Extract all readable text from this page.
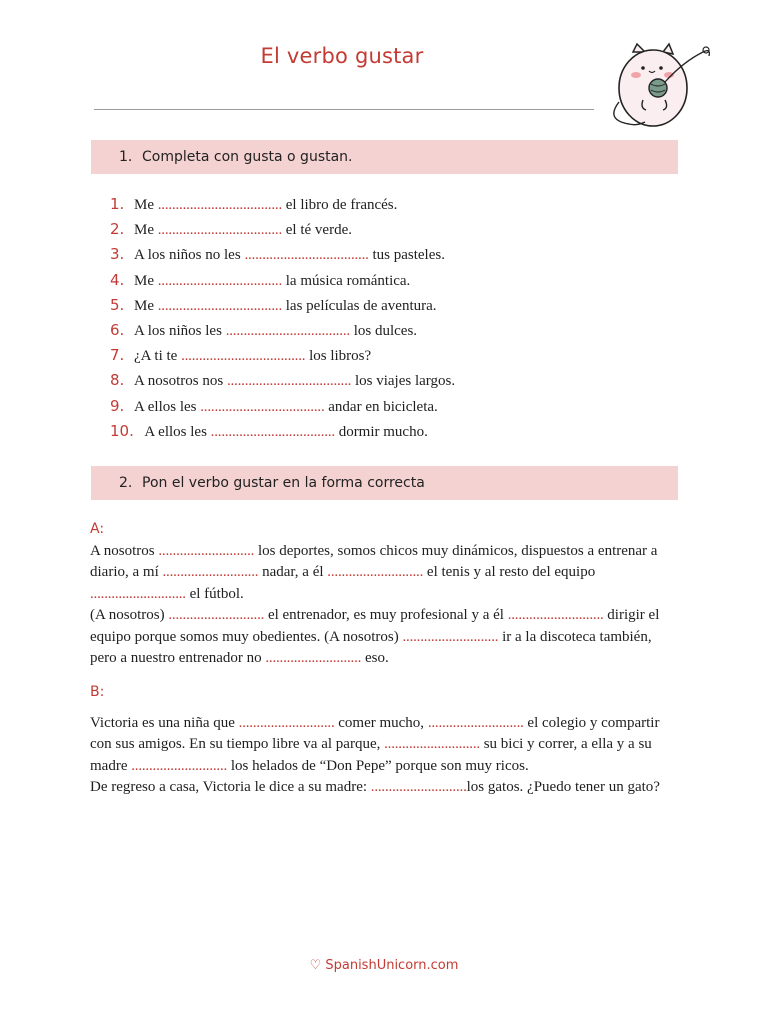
El verbo gustar
1. Completa con gusta o gustan.
1. Me ................................... el libro de francés.
2. Me ................................... el té verde.
3. A los niños no les ................................... tus pasteles.
4. Me ................................... la música romántica.
5. Me ................................... las películas de aventura.
6. A los niños les ................................... los dulces.
7. ¿A ti te ................................... los libros?
8. A nosotros nos ................................... los viajes largos.
9. A ellos les ................................... andar en bicicleta.
10.   A ellos les ................................... dormir mucho.
2. Pon el verbo gustar en la forma correcta
A:
A nosotros ........................... los deportes, somos chicos muy dinámicos, dispuestos a entrenar a diario, a mí ........................... nadar, a él ........................... el tenis y al resto del equipo ........................... el fútbol.
(A nosotros) ........................... el entrenador, es muy profesional y a él ........................... dirigir el equipo porque somos muy obedientes. (A nosotros) ........................... ir a la discoteca también, pero a nuestro entrenador no ........................... eso.
B:
Victoria es una niña que ........................... comer mucho, ........................... el colegio y compartir con sus amigos. En su tiempo libre va al parque, ........................... su bici y correr, a ella y a su madre ........................... los helados de “Don Pepe” porque son muy ricos.
De regreso a casa, Victoria le dice a su madre: ...........................los gatos. ¿Puedo tener un gato?
♡ SpanishUnicorn.com
